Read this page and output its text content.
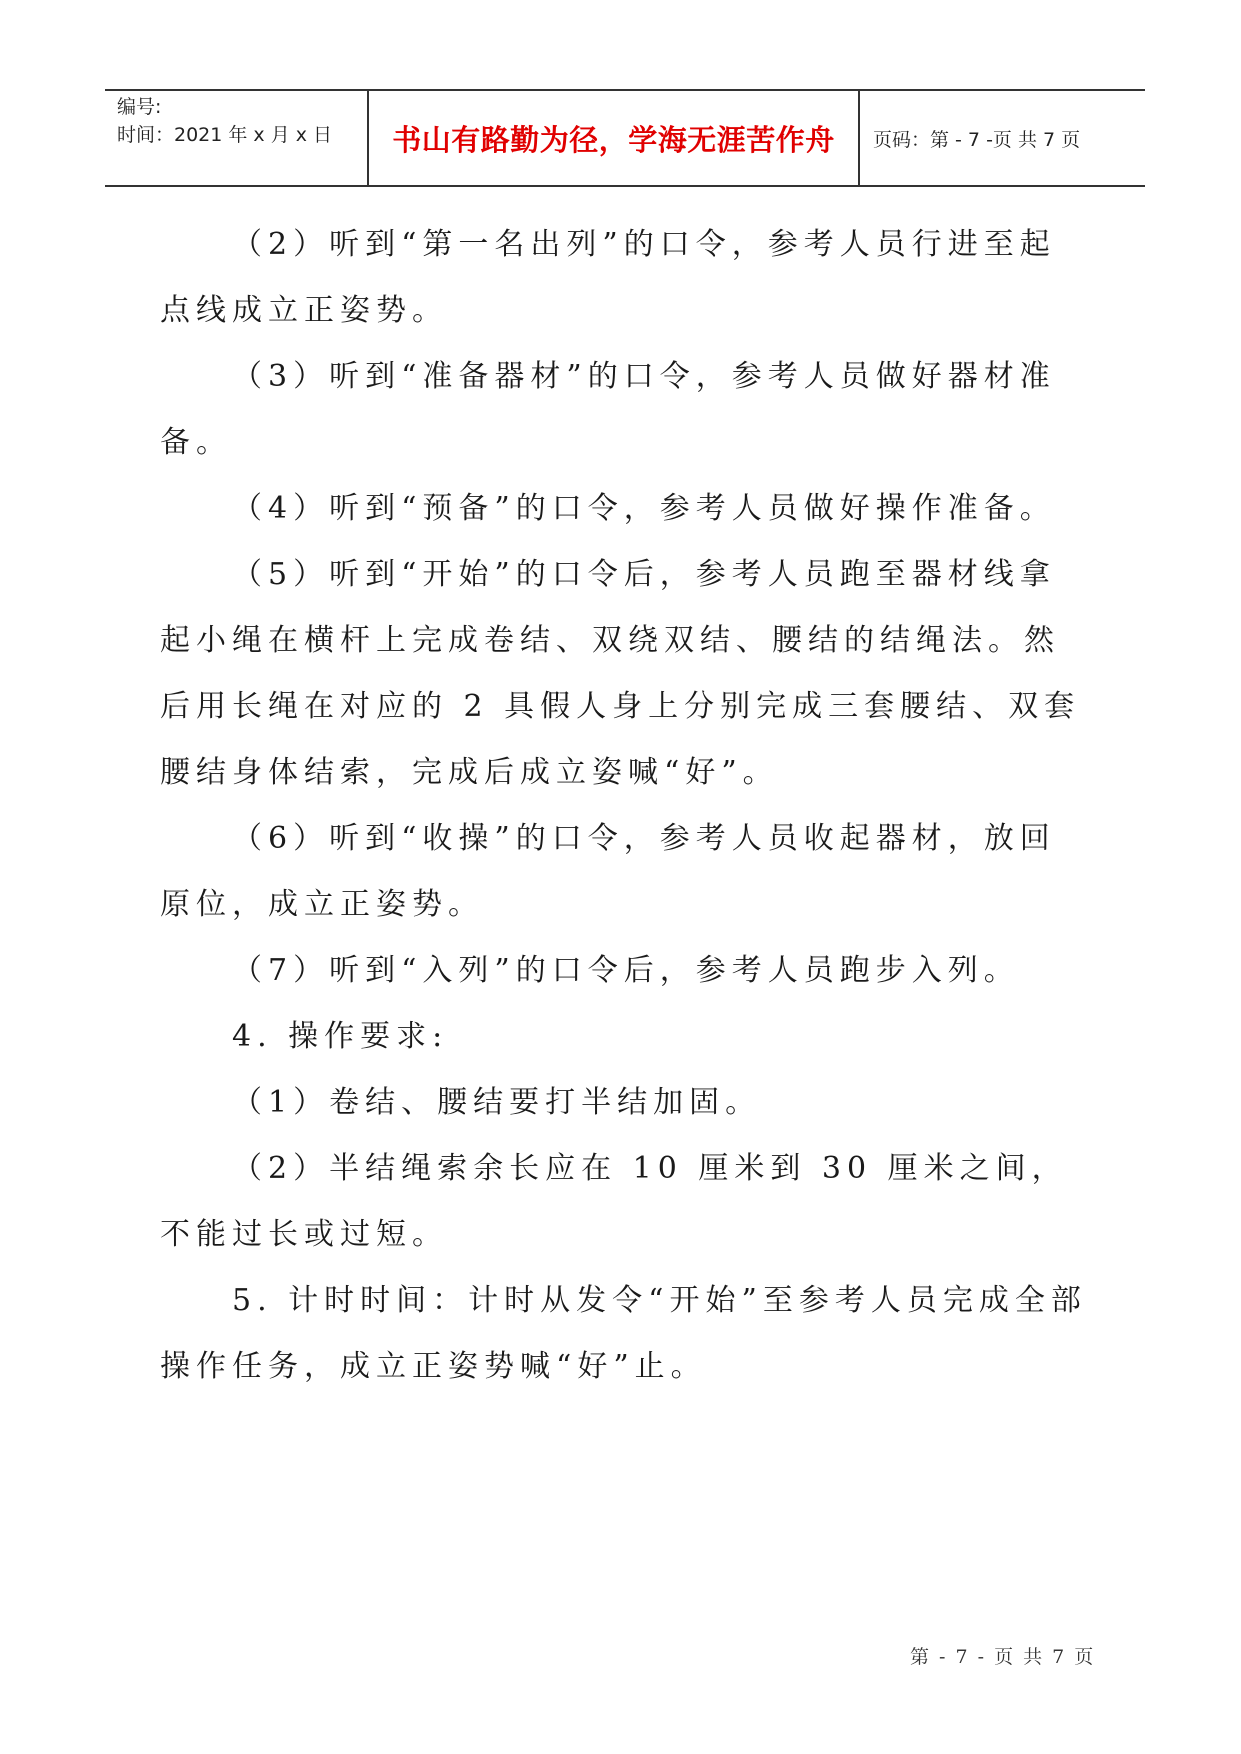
编号:
时间：2021 年 x 月 x 日	书山有路勤为径，学海无涯苦作舟	页码：第 - 7 -页 共 7 页

（2）听到“第一名出列”的口令，参考人员行进至起点线成立正姿势。

（3）听到“准备器材”的口令，参考人员做好器材准备。

（4）听到“预备”的口令，参考人员做好操作准备。

（5）听到“开始”的口令后，参考人员跑至器材线拿起小绳在横杆上完成卷结、双绕双结、腰结的结绳法。然后用长绳在对应的 2 具假人身上分别完成三套腰结、双套腰结身体结索，完成后成立姿喊“好”。

（6）听到“收操”的口令，参考人员收起器材，放回原位，成立正姿势。

（7）听到“入列”的口令后，参考人员跑步入列。

4. 操作要求:

（1）卷结、腰结要打半结加固。

（2）半结绳索余长应在 10 厘米到 30 厘米之间，不能过长或过短。

5. 计时时间：计时从发令“开始”至参考人员完成全部操作任务，成立正姿势喊“好”止。

第 - 7 - 页 共 7 页
